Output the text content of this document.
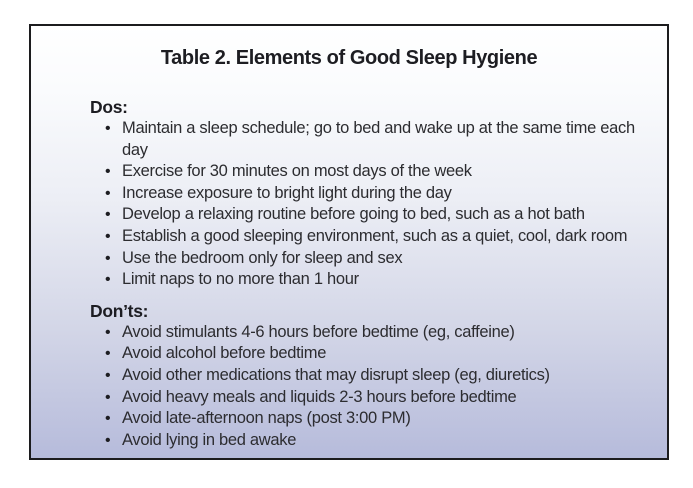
Table 2. Elements of Good Sleep Hygiene
Dos:
• Maintain a sleep schedule; go to bed and wake up at the same time each day
• Exercise for 30 minutes on most days of the week
• Increase exposure to bright light during the day
• Develop a relaxing routine before going to bed, such as a hot bath
• Establish a good sleeping environment, such as a quiet, cool, dark room
• Use the bedroom only for sleep and sex
• Limit naps to no more than 1 hour
Don’ts:
• Avoid stimulants 4-6 hours before bedtime (eg, caffeine)
• Avoid alcohol before bedtime
• Avoid other medications that may disrupt sleep (eg, diuretics)
• Avoid heavy meals and liquids 2-3 hours before bedtime
• Avoid late-afternoon naps (post 3:00 PM)
• Avoid lying in bed awake
